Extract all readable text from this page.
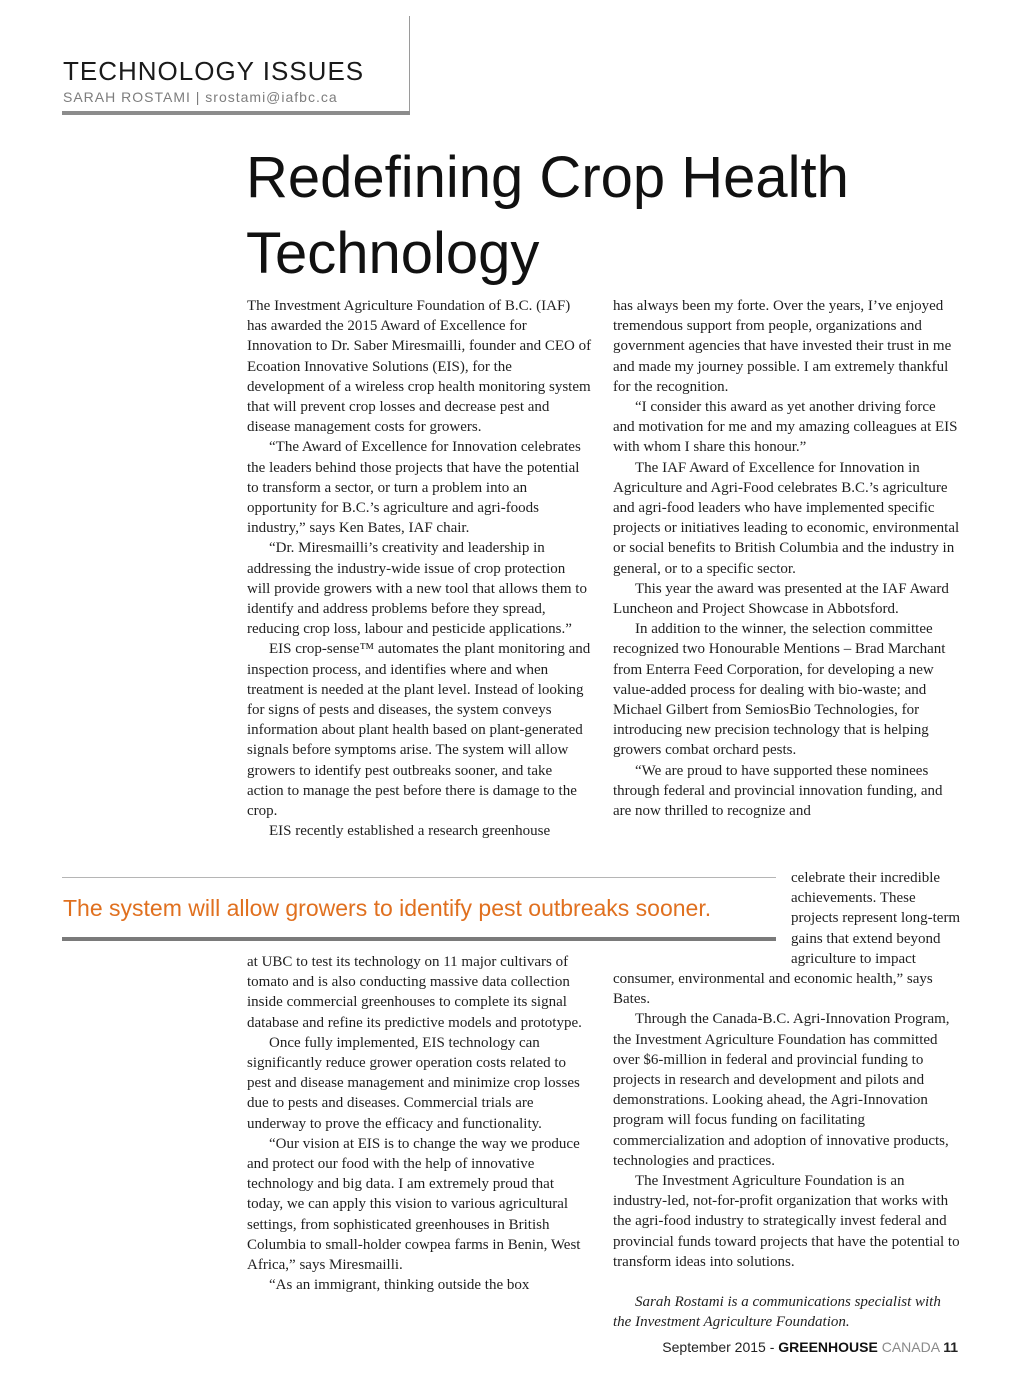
TECHNOLOGY ISSUES
SARAH ROSTAMI | srostami@iafbc.ca
Redefining Crop Health
Technology

The Investment Agriculture Foundation of B.C. (IAF) has awarded the 2015 Award of Excellence for Innovation to Dr. Saber Miresmailli, founder and CEO of Ecoation Innovative Solutions (EIS), for the development of a wireless crop health monitoring system that will prevent crop losses and decrease pest and disease management costs for growers.

“The Award of Excellence for Innovation celebrates the leaders behind those projects that have the potential to transform a sector, or turn a problem into an opportunity for B.C.’s agriculture and agri-foods industry,” says Ken Bates, IAF chair.

“Dr. Miresmailli’s creativity and leadership in addressing the industry-wide issue of crop protection will provide growers with a new tool that allows them to identify and address problems before they spread, reducing crop loss, labour and pesticide applications.”

EIS crop-sense™ automates the plant monitoring and inspection process, and identifies where and when treatment is needed at the plant level. Instead of looking for signs of pests and diseases, the system conveys information about plant health based on plant-generated signals before symptoms arise. The system will allow growers to identify pest outbreaks sooner, and take action to manage the pest before there is damage to the crop.

EIS recently established a research greenhouse

has always been my forte. Over the years, I’ve enjoyed tremendous support from people, organizations and government agencies that have invested their trust in me and made my journey possible. I am extremely thankful for the recognition.

“I consider this award as yet another driving force and motivation for me and my amazing colleagues at EIS with whom I share this honour.”

The IAF Award of Excellence for Innovation in Agriculture and Agri-Food celebrates B.C.’s agriculture and agri-food leaders who have implemented specific projects or initiatives leading to economic, environmental or social benefits to British Columbia and the industry in general, or to a specific sector.

This year the award was presented at the IAF Award Luncheon and Project Showcase in Abbotsford.

In addition to the winner, the selection committee recognized two Honourable Mentions – Brad Marchant from Enterra Feed Corporation, for developing a new value-added process for dealing with bio-waste; and Michael Gilbert from SemiosBio Technologies, for introducing new precision technology that is helping growers combat orchard pests.

“We are proud to have supported these nominees through federal and provincial innovation funding, and are now thrilled to recognize and

The system will allow growers to identify pest outbreaks sooner.

at UBC to test its technology on 11 major cultivars of tomato and is also conducting massive data collection inside commercial greenhouses to complete its signal database and refine its predictive models and prototype.

Once fully implemented, EIS technology can significantly reduce grower operation costs related to pest and disease management and minimize crop losses due to pests and diseases. Commercial trials are underway to prove the efficacy and functionality.

“Our vision at EIS is to change the way we produce and protect our food with the help of innovative technology and big data. I am extremely proud that today, we can apply this vision to various agricultural settings, from sophisticated greenhouses in British Columbia to small-holder cowpea farms in Benin, West Africa,” says Miresmailli.

“As an immigrant, thinking outside the box

celebrate their incredible achievements. These projects represent long-term gains that extend beyond agriculture to impact consumer, environmental and economic health,” says Bates.

Through the Canada-B.C. Agri-Innovation Program, the Investment Agriculture Foundation has committed over $6-million in federal and provincial funding to projects in research and development and pilots and demonstrations. Looking ahead, the Agri-Innovation program will focus funding on facilitating commercialization and adoption of innovative products, technologies and practices.

The Investment Agriculture Foundation is an industry-led, not-for-profit organization that works with the agri-food industry to strategically invest federal and provincial funds toward projects that have the potential to transform ideas into solutions.

Sarah Rostami is a communications specialist with the Investment Agriculture Foundation.

September 2015 - GREENHOUSE CANADA 11
